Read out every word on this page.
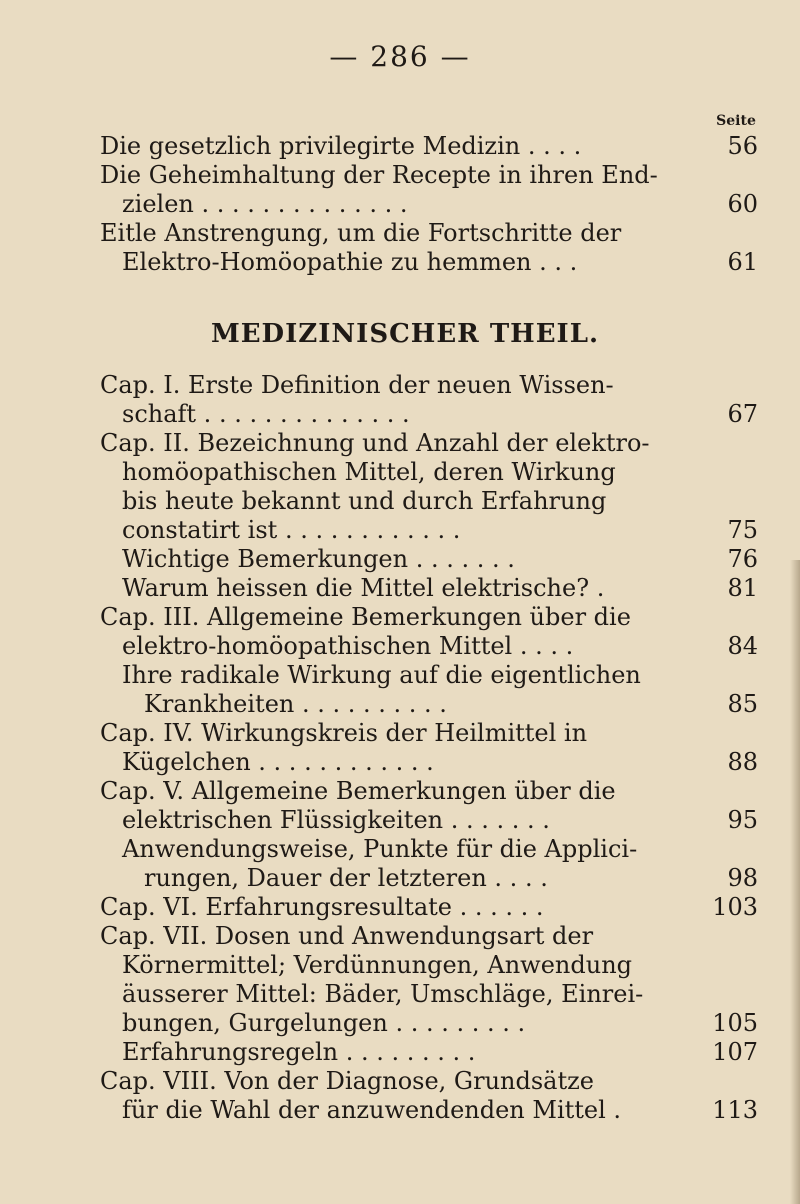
— 286 —
Seite
Die gesetzlich privilegirte Medizin . . . .	56
Die Geheimhaltung der Recepte in ihren End-
zielen . . . . . . . . . . . . . .	60
Eitle Anstrengung, um die Fortschritte der
Elektro-Homöopathie zu hemmen . . .	61
MEDIZINISCHER THEIL.
Cap. I. Erste Definition der neuen Wissen-
schaft . . . . . . . . . . . . . .	67
Cap. II. Bezeichnung und Anzahl der elektro-
homöopathischen Mittel, deren Wirkung
bis heute bekannt und durch Erfahrung
constatirt ist . . . . . . . . . . . .	75
Wichtige Bemerkungen . . . . . . .	76
Warum heissen die Mittel elektrische? .	81
Cap. III. Allgemeine Bemerkungen über die
elektro-homöopathischen Mittel . . . .	84
Ihre radikale Wirkung auf die eigentlichen
Krankheiten . . . . . . . . . .	85
Cap. IV. Wirkungskreis der Heilmittel in
Kügelchen . . . . . . . . . . . .	88
Cap. V. Allgemeine Bemerkungen über die
elektrischen Flüssigkeiten . . . . . . .	95
Anwendungsweise, Punkte für die Applici-
rungen, Dauer der letzteren . . . .	98
Cap. VI. Erfahrungsresultate . . . . . .	103
Cap. VII. Dosen und Anwendungsart der
Körnermittel; Verdünnungen, Anwendung
äusserer Mittel: Bäder, Umschläge, Einrei-
bungen, Gurgelungen . . . . . . . . .	105
Erfahrungsregeln . . . . . . . . .	107
Cap. VIII. Von der Diagnose, Grundsätze
für die Wahl der anzuwendenden Mittel .	113
